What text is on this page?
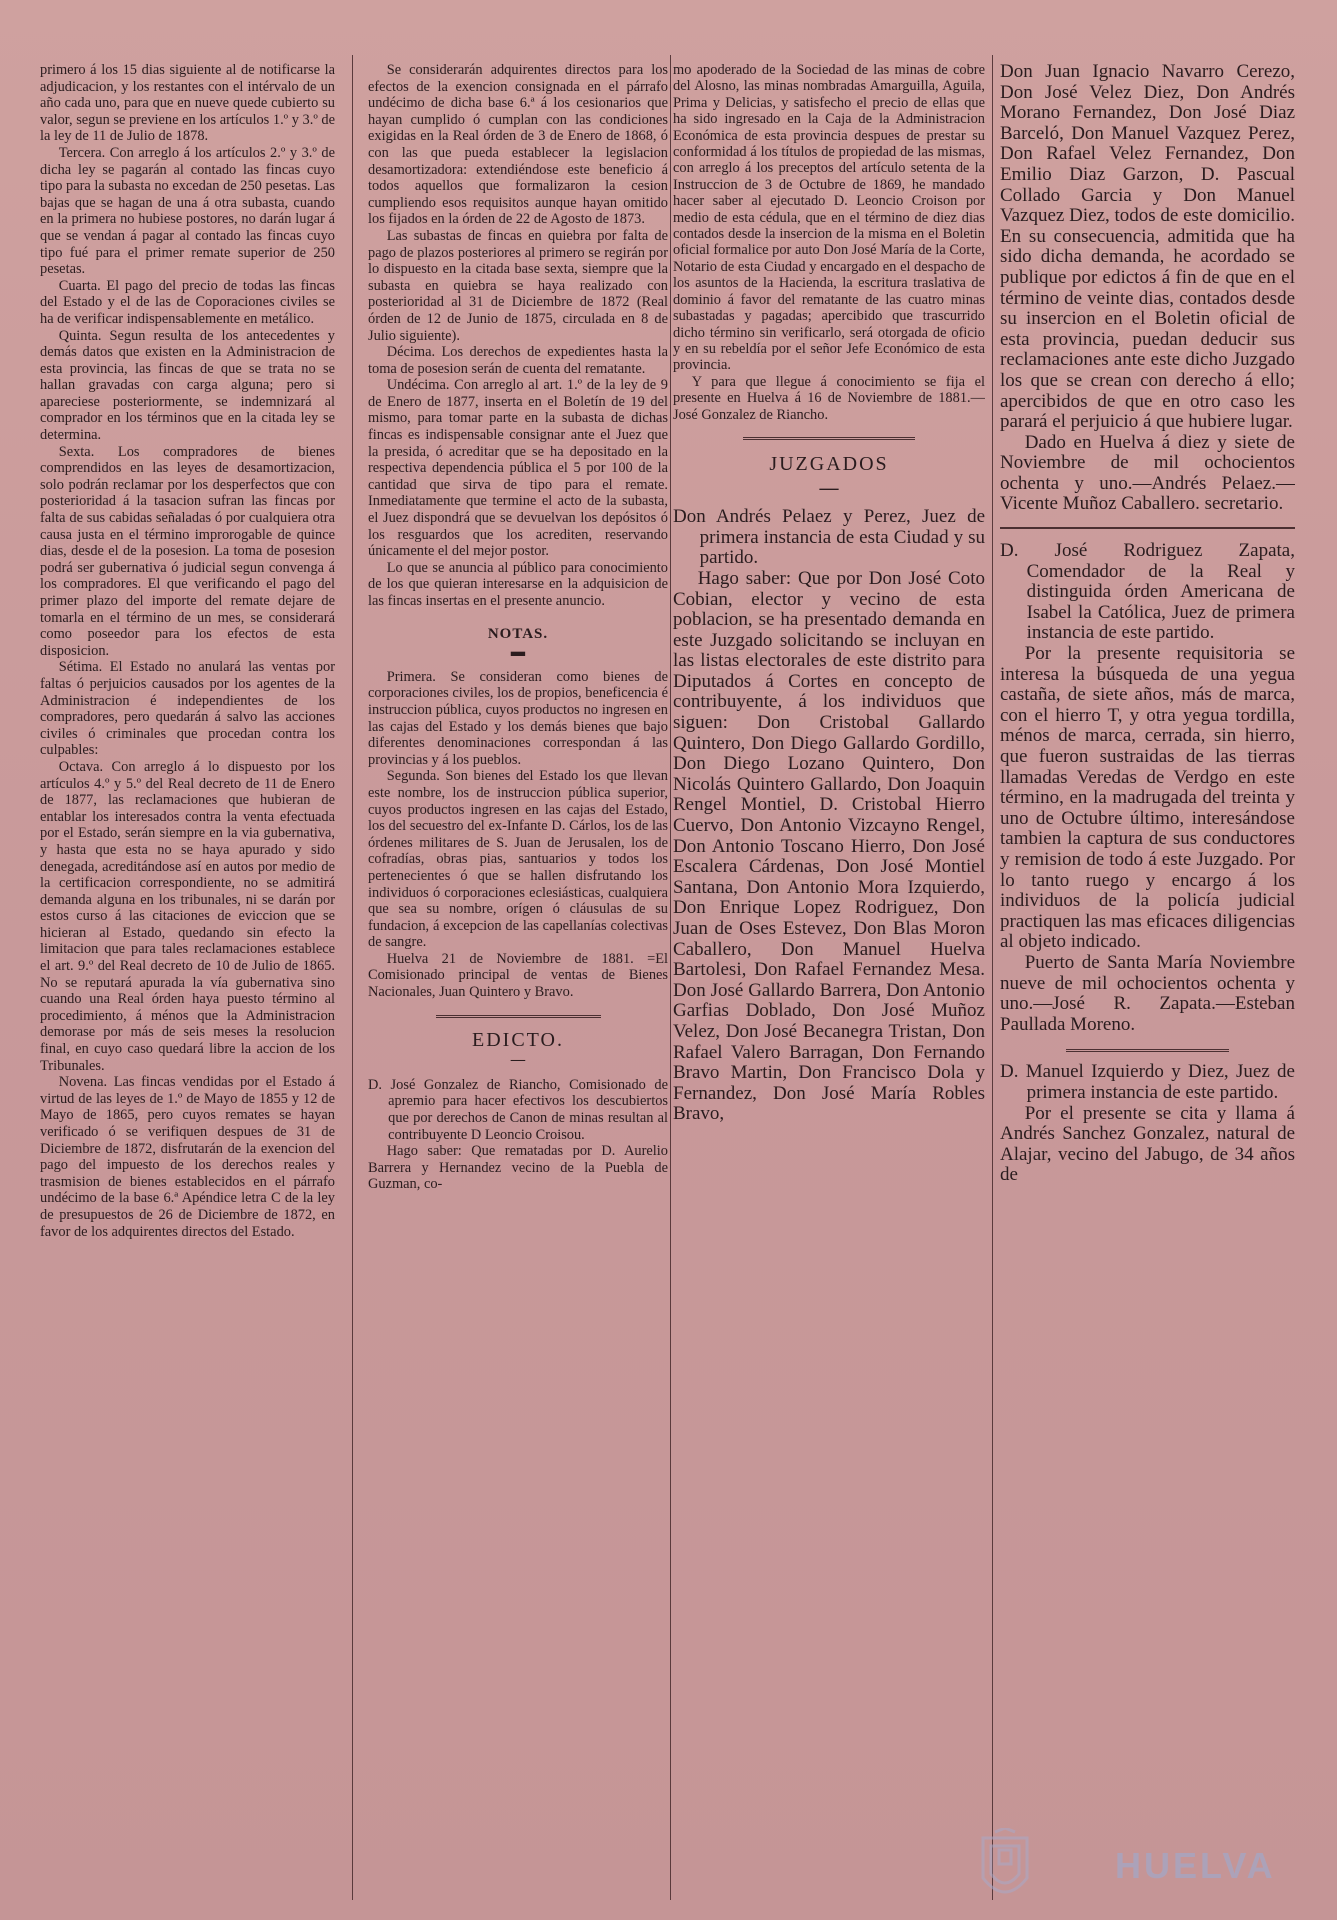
primero á los 15 dias siguiente al de notificarse la adjudicacion, y los restantes con el intérvalo de un año cada uno, para que en nueve quede cubierto su valor, segun se previene en los artículos 1.º y 3.º de la ley de 11 de Julio de 1878.

Tercera. Con arreglo á los artículos 2.º y 3.º de dicha ley se pagarán al contado las fincas cuyo tipo para la subasta no excedan de 250 pesetas. Las bajas que se hagan de una á otra subasta, cuando en la primera no hubiese postores, no darán lugar á que se vendan á pagar al contado las fincas cuyo tipo fué para el primer remate superior de 250 pesetas.

Cuarta. El pago del precio de todas las fincas del Estado y el de las de Coporaciones civiles se ha de verificar indispensablemente en metálico.

Quinta. Segun resulta de los antecedentes y demás datos que existen en la Administracion de esta provincia, las fincas de que se trata no se hallan gravadas con carga alguna; pero si apareciese posteriormente, se indemnizará al comprador en los términos que en la citada ley se determina.

Sexta. Los compradores de bienes comprendidos en las leyes de desamortizacion, solo podrán reclamar por los desperfectos que con posterioridad á la tasacion sufran las fincas por falta de sus cabidas señaladas ó por cualquiera otra causa justa en el término improrogable de quince dias, desde el de la posesion. La toma de posesion podrá ser gubernativa ó judicial segun convenga á los compradores. El que verificando el pago del primer plazo del importe del remate dejare de tomarla en el término de un mes, se considerará como poseedor para los efectos de esta disposicion.

Sétima. El Estado no anulará las ventas por faltas ó perjuicios causados por los agentes de la Administracion é independientes de los compradores, pero quedarán á salvo las acciones civiles ó criminales que procedan contra los culpables:

Octava. Con arreglo á lo dispuesto por los artículos 4.º y 5.º del Real decreto de 11 de Enero de 1877, las reclamaciones que hubieran de entablar los interesados contra la venta efectuada por el Estado, serán siempre en la via gubernativa, y hasta que esta no se haya apurado y sido denegada, acreditándose así en autos por medio de la certificacion correspondiente, no se admitirá demanda alguna en los tribunales, ni se darán por estos curso á las citaciones de eviccion que se hicieran al Estado, quedando sin efecto la limitacion que para tales reclamaciones establece el art. 9.º del Real decreto de 10 de Julio de 1865. No se reputará apurada la vía gubernativa sino cuando una Real órden haya puesto término al procedimiento, á ménos que la Administracion demorase por más de seis meses la resolucion final, en cuyo caso quedará libre la accion de los Tribunales.

Novena. Las fincas vendidas por el Estado á virtud de las leyes de 1.º de Mayo de 1855 y 12 de Mayo de 1865, pero cuyos remates se hayan verificado ó se verifiquen despues de 31 de Diciembre de 1872, disfrutarán de la exencion del pago del impuesto de los derechos reales y trasmision de bienes establecidos en el párrafo undécimo de la base 6.ª Apéndice letra C de la ley de presupuestos de 26 de Diciembre de 1872, en favor de los adquirentes directos del Estado.

Se considerarán adquirentes directos para los efectos de la exencion consignada en el párrafo undécimo de dicha base 6.ª á los cesionarios que hayan cumplido ó cumplan con las condiciones exigidas en la Real órden de 3 de Enero de 1868, ó con las que pueda establecer la legislacion desamortizadora: extendiéndose este beneficio á todos aquellos que formalizaron la cesion cumpliendo esos requisitos aunque hayan omitido los fijados en la órden de 22 de Agosto de 1873.

Las subastas de fincas en quiebra por falta de pago de plazos posteriores al primero se regirán por lo dispuesto en la citada base sexta, siempre que la subasta en quiebra se haya realizado con posterioridad al 31 de Diciembre de 1872 (Real órden de 12 de Junio de 1875, circulada en 8 de Julio siguiente).

Décima. Los derechos de expedientes hasta la toma de posesion serán de cuenta del rematante.

Undécima. Con arreglo al art. 1.º de la ley de 9 de Enero de 1877, inserta en el Boletín de 19 del mismo, para tomar parte en la subasta de dichas fincas es indispensable consignar ante el Juez que la presida, ó acreditar que se ha depositado en la respectiva dependencia pública el 5 por 100 de la cantidad que sirva de tipo para el remate. Inmediatamente que termine el acto de la subasta, el Juez dispondrá que se devuelvan los depósitos ó los resguardos que los acrediten, reservando únicamente el del mejor postor.

Lo que se anuncia al público para conocimiento de los que quieran interesarse en la adquisicion de las fincas insertas en el presente anuncio.

NOTAS.
▬

Primera. Se consideran como bienes de corporaciones civiles, los de propios, beneficencia é instruccion pública, cuyos productos no ingresen en las cajas del Estado y los demás bienes que bajo diferentes denominaciones correspondan á las provincias y á los pueblos.

Segunda. Son bienes del Estado los que llevan este nombre, los de instruccion pública superior, cuyos productos ingresen en las cajas del Estado, los del secuestro del ex-Infante D. Cárlos, los de las órdenes militares de S. Juan de Jerusalen, los de cofradías, obras pias, santuarios y todos los pertenecientes ó que se hallen disfrutando los individuos ó corporaciones eclesiásticas, cualquiera que sea su nombre, orígen ó cláusulas de su fundacion, á excepcion de las capellanías colectivas de sangre.

Huelva 21 de Noviembre de 1881. =El Comisionado principal de ventas de Bienes Nacionales, Juan Quintero y Bravo.

EDICTO.
—

D. José Gonzalez de Riancho, Comisionado de apremio para hacer efectivos los descubiertos que por derechos de Canon de minas resultan al contribuyente D Leoncio Croisou.

Hago saber: Que rematadas por D. Aurelio Barrera y Hernandez vecino de la Puebla de Guzman, co-

mo apoderado de la Sociedad de las minas de cobre del Alosno, las minas nombradas Amarguilla, Aguila, Prima y Delicias, y satisfecho el precio de ellas que ha sido ingresado en la Caja de la Administracion Económica de esta provincia despues de prestar su conformidad á los títulos de propiedad de las mismas, con arreglo á los preceptos del artículo setenta de la Instruccion de 3 de Octubre de 1869, he mandado hacer saber al ejecutado D. Leoncio Croison por medio de esta cédula, que en el término de diez dias contados desde la insercion de la misma en el Boletin oficial formalice por auto Don José María de la Corte, Notario de esta Ciudad y encargado en el despacho de los asuntos de la Hacienda, la escritura traslativa de dominio á favor del rematante de las cuatro minas subastadas y pagadas; apercibido que trascurrido dicho término sin verificarlo, será otorgada de oficio y en su rebeldía por el señor Jefe Económico de esta provincia.

Y para que llegue á conocimiento se fija el presente en Huelva á 16 de Noviembre de 1881.—José Gonzalez de Riancho.

JUZGADOS
—

Don Andrés Pelaez y Perez, Juez de primera instancia de esta Ciudad y su partido.

Hago saber: Que por Don José Coto Cobian, elector y vecino de esta poblacion, se ha presentado demanda en este Juzgado solicitando se incluyan en las listas electorales de este distrito para Diputados á Cortes en concepto de contribuyente, á los individuos que siguen: Don Cristobal Gallardo Quintero, Don Diego Gallardo Gordillo, Don Diego Lozano Quintero, Don Nicolás Quintero Gallardo, Don Joaquin Rengel Montiel, D. Cristobal Hierro Cuervo, Don Antonio Vizcayno Rengel, Don Antonio Toscano Hierro, Don José Escalera Cárdenas, Don José Montiel Santana, Don Antonio Mora Izquierdo, Don Enrique Lopez Rodriguez, Don Juan de Oses Estevez, Don Blas Moron Caballero, Don Manuel Huelva Bartolesi, Don Rafael Fernandez Mesa. Don José Gallardo Barrera, Don Antonio Garfias Doblado, Don José Muñoz Velez, Don José Becanegra Tristan, Don Rafael Valero Barragan, Don Fernando Bravo Martin, Don Francisco Dola y Fernandez, Don José María Robles Bravo,

Don Juan Ignacio Navarro Cerezo, Don José Velez Diez, Don Andrés Morano Fernandez, Don José Diaz Barceló, Don Manuel Vazquez Perez, Don Rafael Velez Fernandez, Don Emilio Diaz Garzon, D. Pascual Collado Garcia y Don Manuel Vazquez Diez, todos de este domicilio. En su consecuencia, admitida que ha sido dicha demanda, he acordado se publique por edictos á fin de que en el término de veinte dias, contados desde su insercion en el Boletin oficial de esta provincia, puedan deducir sus reclamaciones ante este dicho Juzgado los que se crean con derecho á ello; apercibidos de que en otro caso les parará el perjuicio á que hubiere lugar.

Dado en Huelva á diez y siete de Noviembre de mil ochocientos ochenta y uno.—Andrés Pelaez.—Vicente Muñoz Caballero. secretario.

D. José Rodriguez Zapata, Comendador de la Real y distinguida órden Americana de Isabel la Católica, Juez de primera instancia de este partido.

Por la presente requisitoria se interesa la búsqueda de una yegua castaña, de siete años, más de marca, con el hierro T, y otra yegua tordilla, ménos de marca, cerrada, sin hierro, que fueron sustraidas de las tierras llamadas Veredas de Verdgo en este término, en la madrugada del treinta y uno de Octubre último, interesándose tambien la captura de sus conductores y remision de todo á este Juzgado. Por lo tanto ruego y encargo á los individuos de la policía judicial practiquen las mas eficaces diligencias al objeto indicado.

Puerto de Santa María Noviembre nueve de mil ochocientos ochenta y uno.—José R. Zapata.—Esteban Paullada Moreno.

D. Manuel Izquierdo y Diez, Juez de primera instancia de este partido.

Por el presente se cita y llama á Andrés Sanchez Gonzalez, natural de Alajar, vecino del Jabugo, de 34 años de

HUELVA
